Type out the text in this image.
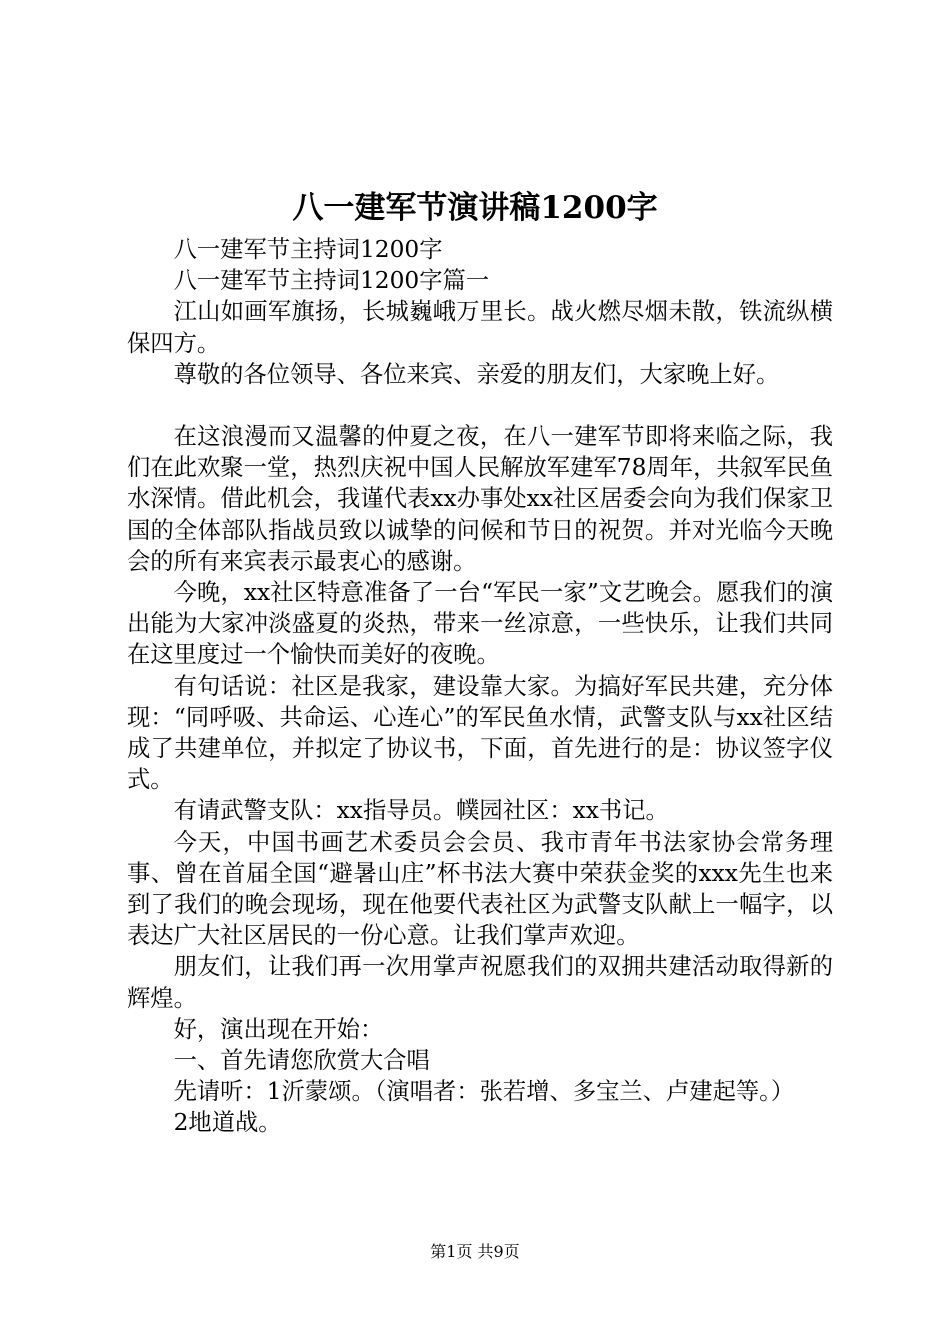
八一建军节演讲稿1200字

八一建军节主持词1200字

八一建军节主持词1200字篇一

江山如画军旗扬，长城巍峨万里长。战火燃尽烟未散，铁流纵横保四方。

尊敬的各位领导、各位来宾、亲爱的朋友们，大家晚上好。

在这浪漫而又温馨的仲夏之夜，在八一建军节即将来临之际，我们在此欢聚一堂，热烈庆祝中国人民解放军建军78周年，共叙军民鱼水深情。借此机会，我谨代表xx办事处xx社区居委会向为我们保家卫国的全体部队指战员致以诚挚的问候和节日的祝贺。并对光临今天晚会的所有来宾表示最衷心的感谢。

今晚，xx社区特意准备了一台“军民一家”文艺晚会。愿我们的演出能为大家冲淡盛夏的炎热，带来一丝凉意，一些快乐，让我们共同在这里度过一个愉快而美好的夜晚。

有句话说：社区是我家，建设靠大家。为搞好军民共建，充分体现：“同呼吸、共命运、心连心”的军民鱼水情，武警支队与xx社区结成了共建单位，并拟定了协议书，下面，首先进行的是：协议签字仪式。

有请武警支队：xx指导员。幞园社区：xx书记。

今天，中国书画艺术委员会会员、我市青年书法家协会常务理事、曾在首届全国“避暑山庄”杯书法大赛中荣获金奖的xxx先生也来到了我们的晚会现场，现在他要代表社区为武警支队献上一幅字，以表达广大社区居民的一份心意。让我们掌声欢迎。

朋友们，让我们再一次用掌声祝愿我们的双拥共建活动取得新的辉煌。

好，演出现在开始：

一、首先请您欣赏大合唱

先请听：1沂蒙颂。（演唱者：张若增、多宝兰、卢建起等。）

2地道战。

第1页 共9页
